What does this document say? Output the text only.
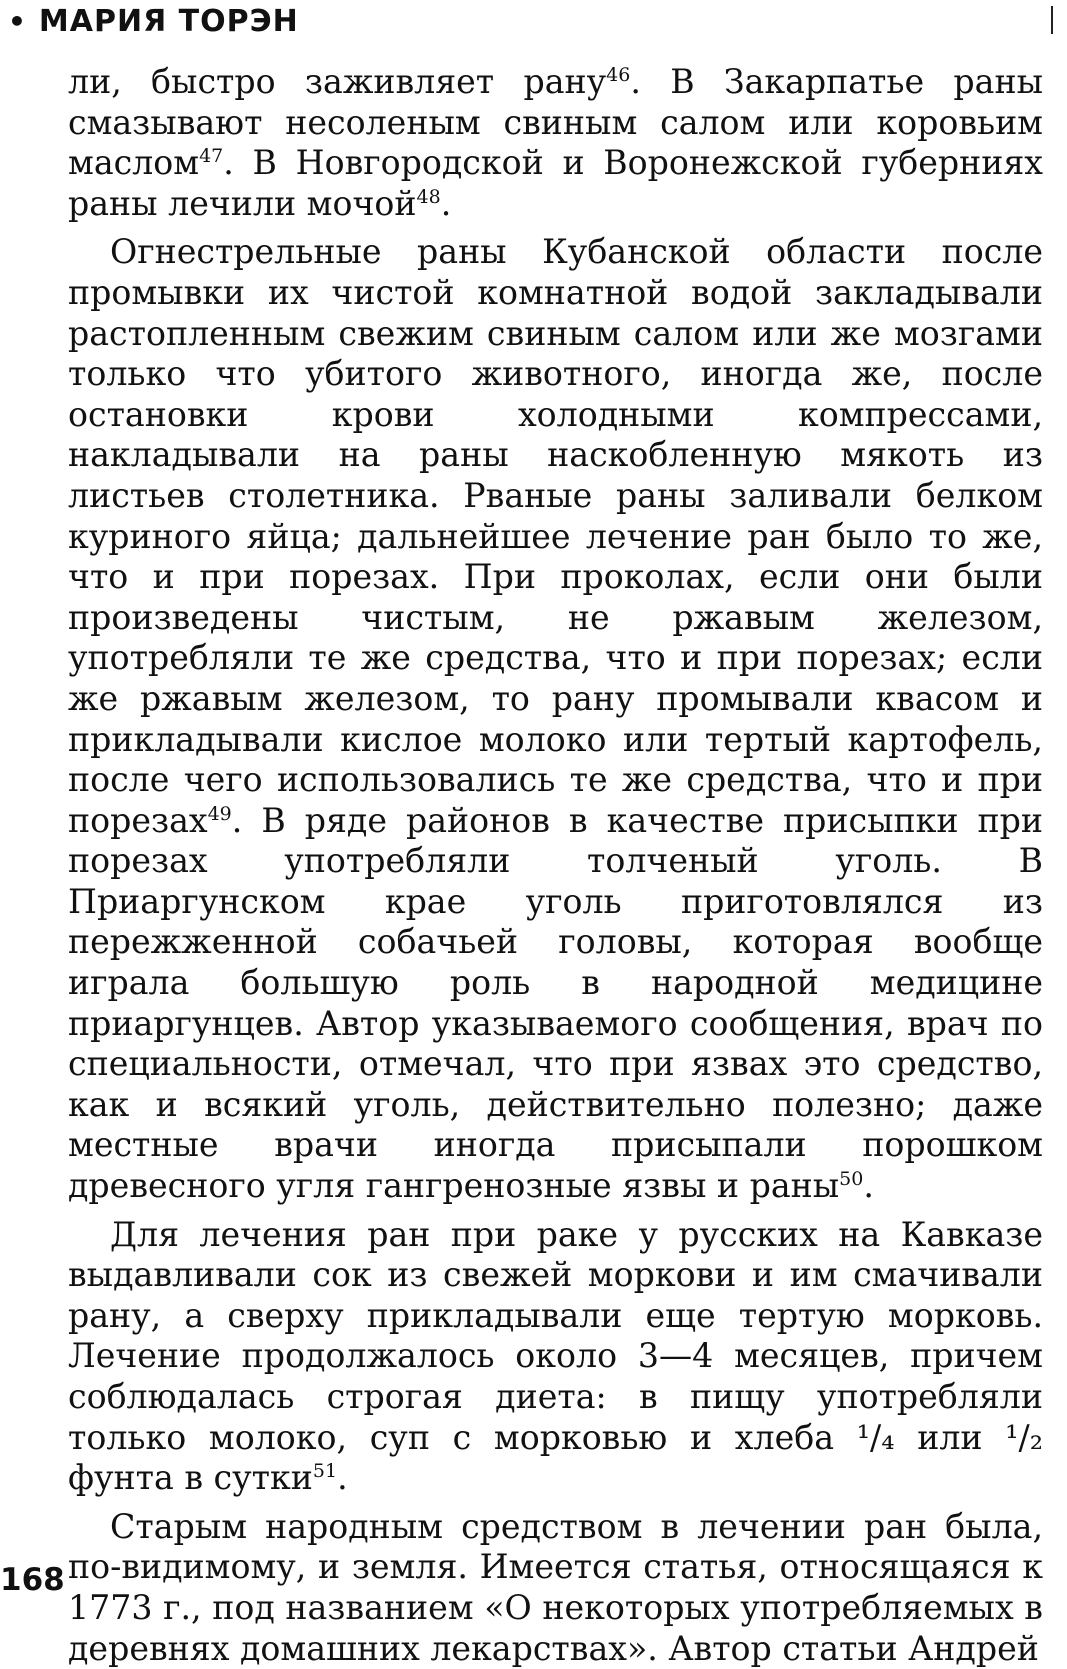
• МАРИЯ ТОРЭН

ли, быстро заживляет рану$^{46}$. В Закарпатье раны смазывают несоленым свиным салом или коровьим маслом$^{47}$. В Новгородской и Воронежской губерниях раны лечили мочой$^{48}$.

Огнестрельные раны Кубанской области после промывки их чистой комнатной водой закладывали растопленным свежим свиным салом или же мозгами только что убитого животного, иногда же, после остановки крови холодными компрессами, накладывали на раны наскобленную мякоть из листьев столетника. Рваные раны заливали белком куриного яйца; дальнейшее лечение ран было то же, что и при порезах. При проколах, если они были произведены чистым, не ржавым железом, употребляли те же средства, что и при порезах; если же ржавым железом, то рану промывали квасом и прикладывали кислое молоко или тертый картофель, после чего использовались те же средства, что и при порезах$^{49}$. В ряде районов в качестве присыпки при порезах употребляли толченый уголь. В Приаргунском крае уголь приготовлялся из пережженной собачьей головы, которая вообще играла большую роль в народной медицине приаргунцев. Автор указываемого сообщения, врач по специальности, отмечал, что при язвах это средство, как и всякий уголь, действительно полезно; даже местные врачи иногда присыпали порошком древесного угля гангренозные язвы и раны$^{50}$.

Для лечения ран при раке у русских на Кавказе выдавливали сок из свежей моркови и им смачивали рану, а сверху прикладывали еще тертую морковь. Лечение продолжалось около 3—4 месяцев, причем соблюдалась строгая диета: в пищу употребляли только молоко, суп с морковью и хлеба ¹/₄ или ¹/₂ фунта в сутки$^{51}$.

Старым народным средством в лечении ран была, по-видимому, и земля. Имеется статья, относящаяся к 1773 г., под названием «О некоторых употребляемых в деревнях домашних лекарствах». Автор статьи Андрей

168
